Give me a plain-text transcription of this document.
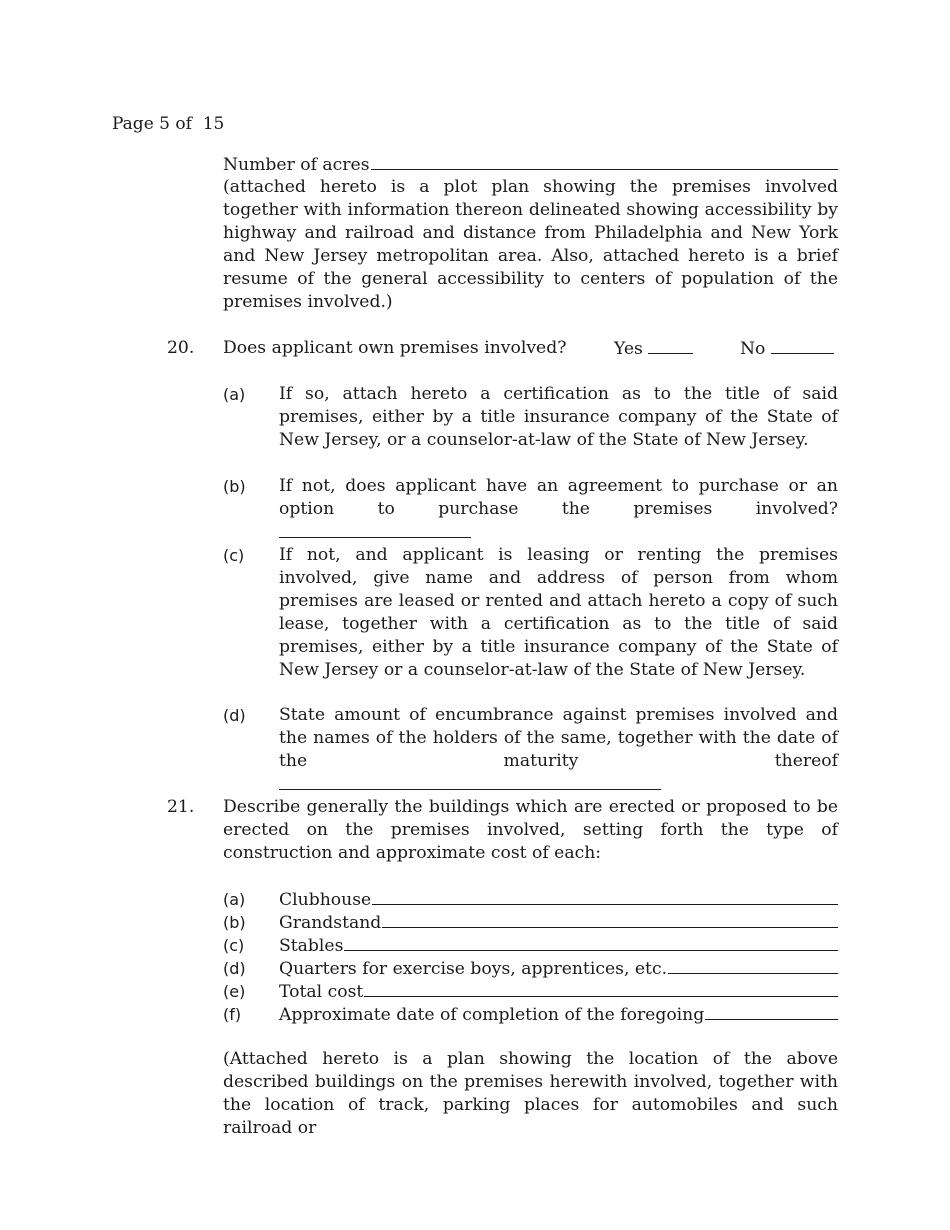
Page 5 of  15
Number of acres
(attached hereto is a plot plan showing the premises involved together with information thereon delineated showing accessibility by highway and railroad and distance from Philadelphia and New York and New Jersey metropolitan area. Also, attached hereto is a brief resume of the general accessibility to centers of population of the premises involved.)
20. Does applicant own premises involved?	Yes	No
(a) If so, attach hereto a certification as to the title of said premises, either by a title insurance company of the State of New Jersey, or a counselor-at-law of the State of New Jersey.
(b) If not, does applicant have an agreement to purchase or an option to purchase the premises involved?
(c) If not, and applicant is leasing or renting the premises involved, give name and address of person from whom premises are leased or rented and attach hereto a copy of such lease, together with a certification as to the title of said premises, either by a title insurance company of the State of New Jersey or a counselor-at-law of the State of New Jersey.
(d) State amount of encumbrance against premises involved and the names of the holders of the same, together with the date of the maturity thereof
21. Describe generally the buildings which are erected or proposed to be erected on the premises involved, setting forth the type of construction and approximate cost of each:
(a) Clubhouse
(b) Grandstand
(c) Stables
(d) Quarters for exercise boys, apprentices, etc.
(e) Total cost
(f) Approximate date of completion of the foregoing
(Attached hereto is a plan showing the location of the above described buildings on the premises herewith involved, together with the location of track, parking places for automobiles and such railroad or
